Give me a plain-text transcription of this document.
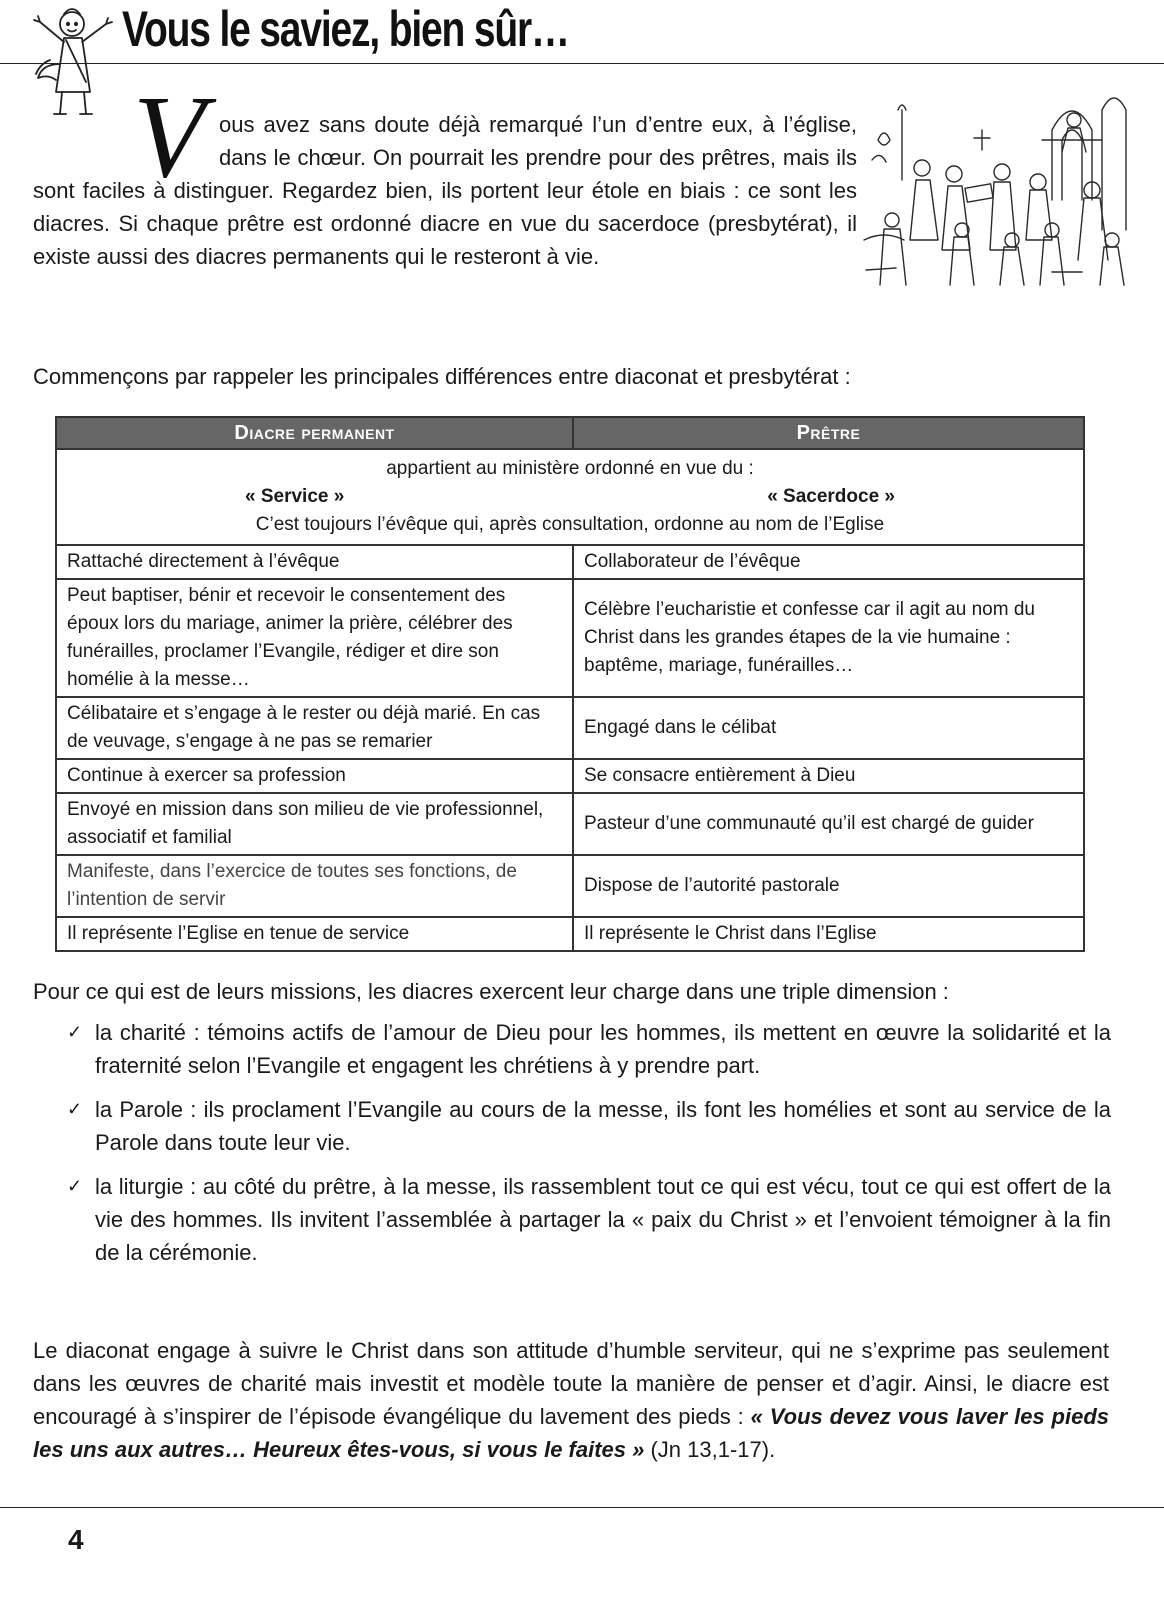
Vous le saviez, bien sûr…
V ous avez sans doute déjà remarqué l’un d’entre eux, à l’église, dans le chœur. On pourrait les prendre pour des prêtres, mais ils sont faciles à distinguer. Regardez bien, ils portent leur étole en biais : ce sont les diacres. Si chaque prêtre est ordonné diacre en vue du sacerdoce (presbytérat), il existe aussi des diacres permanents qui le resteront à vie.
Commençons par rappeler les principales différences entre diaconat et presbytérat :
Diacre permanent	Prêtre

appartient au ministère ordonné en vue du :
« Service » « Sacerdoce »
C’est toujours l’évêque qui, après consultation, ordonne au nom de l’Eglise	

Rattaché directement à l’évêque	Collaborateur de l’évêque
Peut baptiser, bénir et recevoir le consentement des époux lors du mariage, animer la prière, célébrer des funérailles, proclamer l’Evangile, rédiger et dire son homélie à la messe…	Célèbre l’eucharistie et confesse car il agit au nom du Christ dans les grandes étapes de la vie humaine : baptême, mariage, funérailles…
Célibataire et s’engage à le rester ou déjà marié. En cas de veuvage, s’engage à ne pas se remarier	Engagé dans le célibat
Continue à exercer sa profession	Se consacre entièrement à Dieu
Envoyé en mission dans son milieu de vie professionnel, associatif et familial	Pasteur d’une communauté qu’il est chargé de guider
Manifeste, dans l’exercice de toutes ses fonctions, de l’intention de servir	Dispose de l’autorité pastorale
Il représente l’Eglise en tenue de service	Il représente le Christ dans l’Eglise

Pour ce qui est de leurs missions, les diacres exercent leur charge dans une triple dimension :

✓ la charité : témoins actifs de l’amour de Dieu pour les hommes, ils mettent en œuvre la solidarité et la fraternité selon l’Evangile et engagent les chrétiens à y prendre part.
✓ la Parole : ils proclament l’Evangile au cours de la messe, ils font les homélies et sont au service de la Parole dans toute leur vie.
✓ la liturgie : au côté du prêtre, à la messe, ils rassemblent tout ce qui est vécu, tout ce qui est offert de la vie des hommes. Ils invitent l’assemblée à partager la « paix du Christ » et l’envoient témoigner à la fin de la cérémonie.
Le diaconat engage à suivre le Christ dans son attitude d’humble serviteur, qui ne s’exprime pas seulement dans les œuvres de charité mais investit et modèle toute la manière de penser et d’agir. Ainsi, le diacre est encouragé à s’inspirer de l’épisode évangélique du lavement des pieds : « Vous devez vous laver les pieds les uns aux autres… Heureux êtes-vous, si vous le faites » (Jn 13,1-17).
4
